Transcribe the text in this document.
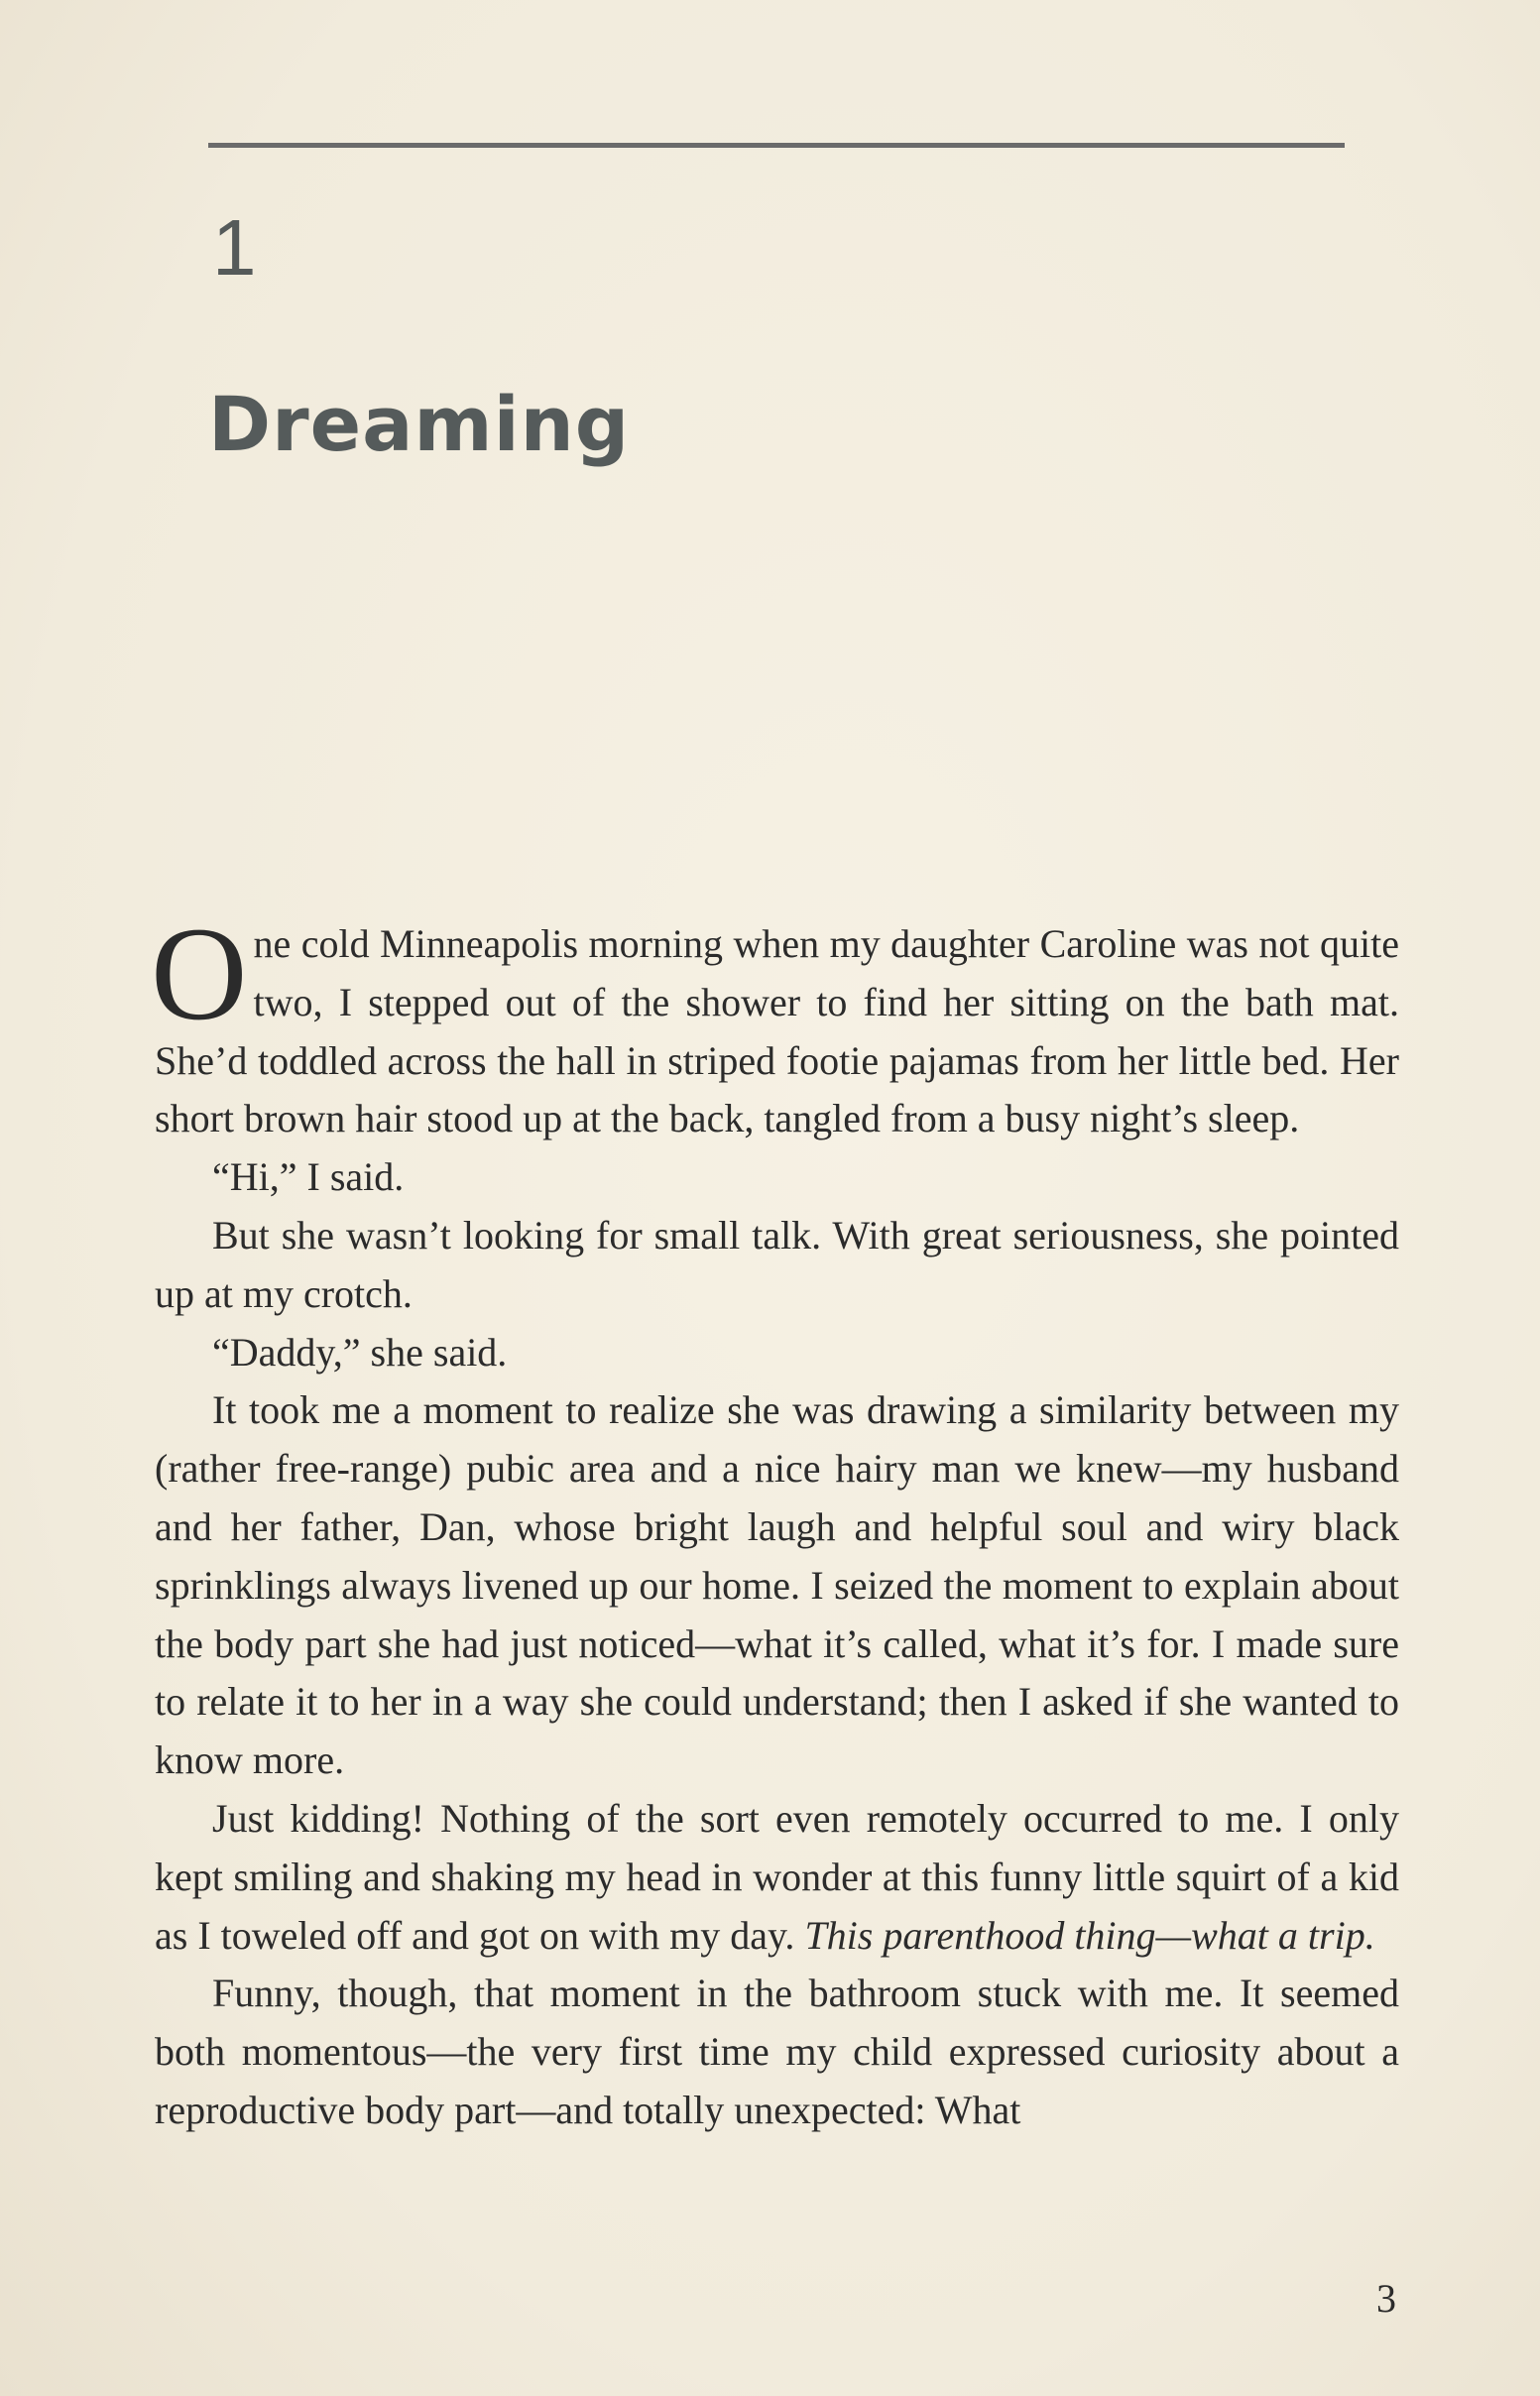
1
Dreaming

One cold Minneapolis morning when my daughter Caroline was not quite two, I stepped out of the shower to find her sitting on the bath mat. She’d toddled across the hall in striped footie pajamas from her little bed. Her short brown hair stood up at the back, tangled from a busy night’s sleep.

“Hi,” I said.

But she wasn’t looking for small talk. With great seriousness, she pointed up at my crotch.

“Daddy,” she said.

It took me a moment to realize she was drawing a similarity between my (rather free-range) pubic area and a nice hairy man we knew—my husband and her father, Dan, whose bright laugh and helpful soul and wiry black sprinklings always livened up our home. I seized the moment to explain about the body part she had just noticed—what it’s called, what it’s for. I made sure to relate it to her in a way she could understand; then I asked if she wanted to know more.

Just kidding! Nothing of the sort even remotely occurred to me. I only kept smiling and shaking my head in wonder at this funny little squirt of a kid as I toweled off and got on with my day. This parenthood thing—what a trip.

Funny, though, that moment in the bathroom stuck with me. It seemed both momentous—the very first time my child expressed curiosity about a reproductive body part—and totally unexpected: What

3
